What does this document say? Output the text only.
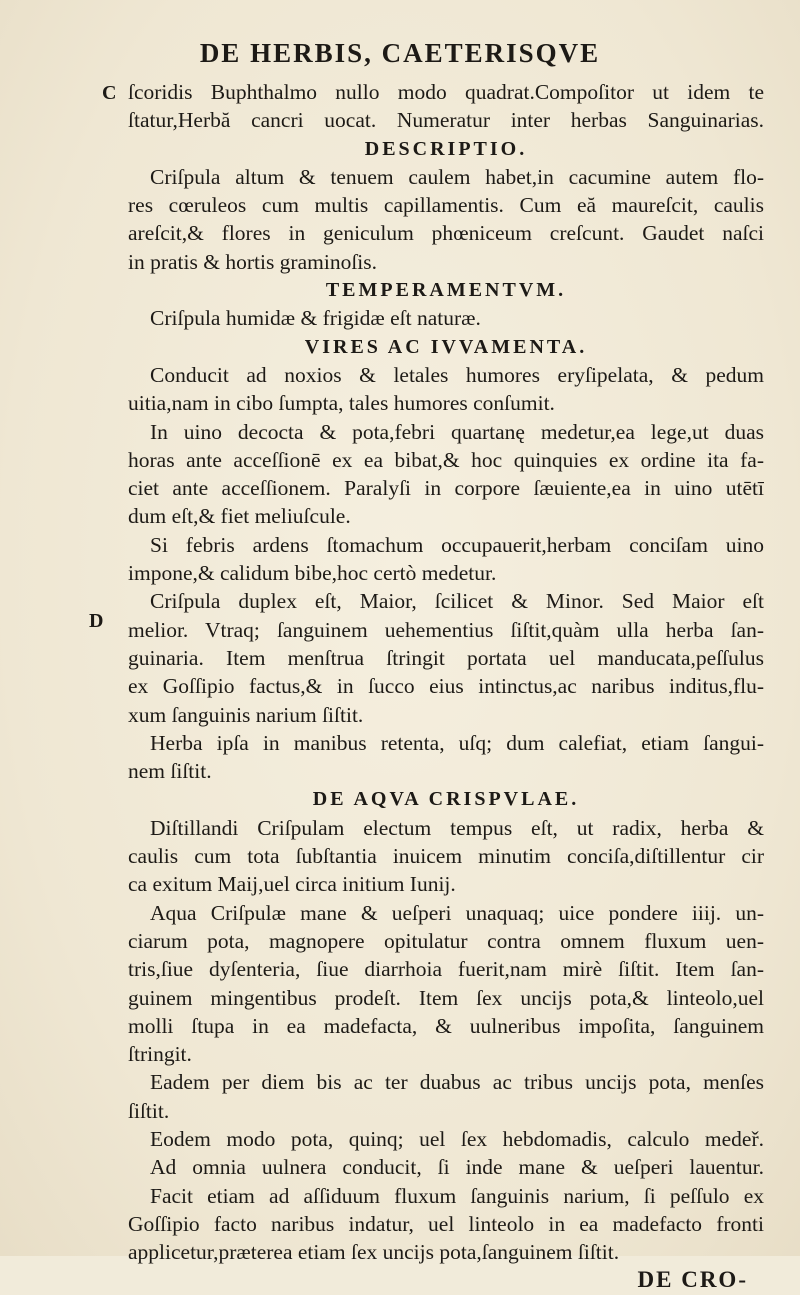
DE HERBIS, CAETERISQVE
C
D
ſcoridis Buphthalmo nullo modo quadrat.Compoſitor ut idem te
ſtatur,Herbă cancri uocat. Numeratur inter herbas Sanguinarias.
DESCRIPTIO.
Criſpula altum & tenuem caulem habet,in cacumine autem flo-
res cœruleos cum multis capillamentis. Cum eă maureſcit, caulis
areſcit,& flores in geniculum phœniceum creſcunt. Gaudet naſci
in pratis & hortis graminoſis.
TEMPERAMENTVM.
Criſpula humidæ & frigidæ eſt naturæ.
VIRES AC IVVAMENTA.
Conducit ad noxios & letales humores eryſipelata, & pedum
uitia,nam in cibo ſumpta, tales humores conſumit.
In uino decocta & pota,febri quartanę medetur,ea lege,ut duas
horas ante acceſſionē ex ea bibat,& hoc quinquies ex ordine ita fa-
ciet ante acceſſionem. Paralyſi in corpore ſæuiente,ea in uino utētī
dum eſt,& fiet meliuſcule.
Si febris ardens ſtomachum occupauerit,herbam conciſam uino
impone,& calidum bibe,hoc certò medetur.
Criſpula duplex eſt, Maior, ſcilicet & Minor. Sed Maior eſt
melior. Vtraq; ſanguinem uehementius ſiſtit,quàm ulla herba ſan-
guinaria. Item menſtrua ſtringit portata uel manducata,peſſulus
ex Goſſipio factus,& in ſucco eius intinctus,ac naribus inditus,flu-
xum ſanguinis narium ſiſtit.
Herba ipſa in manibus retenta, uſq; dum calefiat, etiam ſangui-
nem ſiſtit.
DE AQVA CRISPVLAE.
Diſtillandi Criſpulam electum tempus eſt, ut radix, herba &
caulis cum tota ſubſtantia inuicem minutim conciſa,diſtillentur cir
ca exitum Maij,uel circa initium Iunij.
Aqua Criſpulæ mane & ueſperi unaquaq; uice pondere iiij. un-
ciarum pota, magnopere opitulatur contra omnem fluxum uen-
tris,ſiue dyſenteria, ſiue diarrhoia fuerit,nam mirè ſiſtit. Item ſan-
guinem mingentibus prodeſt. Item ſex uncijs pota,& linteolo,uel
molli ſtupa in ea madefacta, & uulneribus impoſita, ſanguinem
ſtringit.
Eadem per diem bis ac ter duabus ac tribus uncijs pota, menſes
ſiſtit.
Eodem modo pota, quinq; uel ſex hebdomadis, calculo medeř.
Ad omnia uulnera conducit, ſi inde mane & ueſperi lauentur.
Facit etiam ad aſſiduum fluxum ſanguinis narium, ſi peſſulo ex
Goſſipio facto naribus indatur, uel linteolo in ea madefacto fronti
applicetur,præterea etiam ſex uncijs pota,ſanguinem ſiſtit.
DE CRO-
